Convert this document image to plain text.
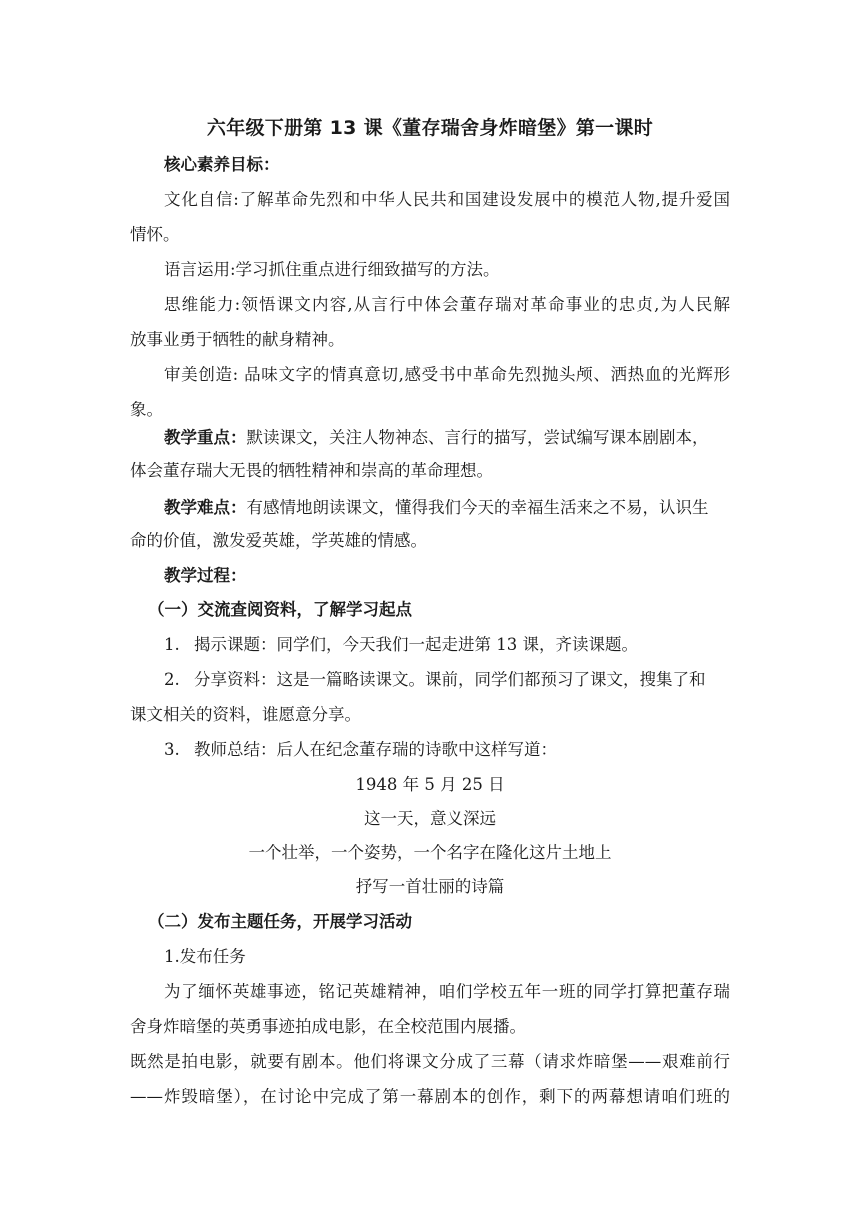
六年级下册第 13 课《董存瑞舍身炸暗堡》第一课时
核心素养目标：
文化自信:了解革命先烈和中华人民共和国建设发展中的模范人物,提升爱国
情怀。
语言运用:学习抓住重点进行细致描写的方法。
思维能力:领悟课文内容,从言行中体会董存瑞对革命事业的忠贞,为人民解
放事业勇于牺牲的献身精神。
审美创造: 品味文字的情真意切,感受书中革命先烈抛头颅、洒热血的光辉形
象。
教学重点：默读课文，关注人物神态、言行的描写，尝试编写课本剧剧本，
体会董存瑞大无畏的牺牲精神和崇高的革命理想。
教学难点：有感情地朗读课文，懂得我们今天的幸福生活来之不易，认识生
命的价值，激发爱英雄，学英雄的情感。
教学过程：
（一）交流查阅资料，了解学习起点
1. 揭示课题：同学们，今天我们一起走进第 13 课，齐读课题。
2. 分享资料：这是一篇略读课文。课前，同学们都预习了课文，搜集了和
课文相关的资料，谁愿意分享。
3. 教师总结：后人在纪念董存瑞的诗歌中这样写道：
1948 年 5 月 25 日
这一天，意义深远
一个壮举，一个姿势，一个名字在隆化这片土地上
抒写一首壮丽的诗篇
（二）发布主题任务，开展学习活动
1.发布任务
为了缅怀英雄事迹，铭记英雄精神，咱们学校五年一班的同学打算把董存瑞
舍身炸暗堡的英勇事迹拍成电影，在全校范围内展播。
既然是拍电影，就要有剧本。他们将课文分成了三幕（请求炸暗堡——艰难前行
——炸毁暗堡），在讨论中完成了第一幕剧本的创作，剩下的两幕想请咱们班的
